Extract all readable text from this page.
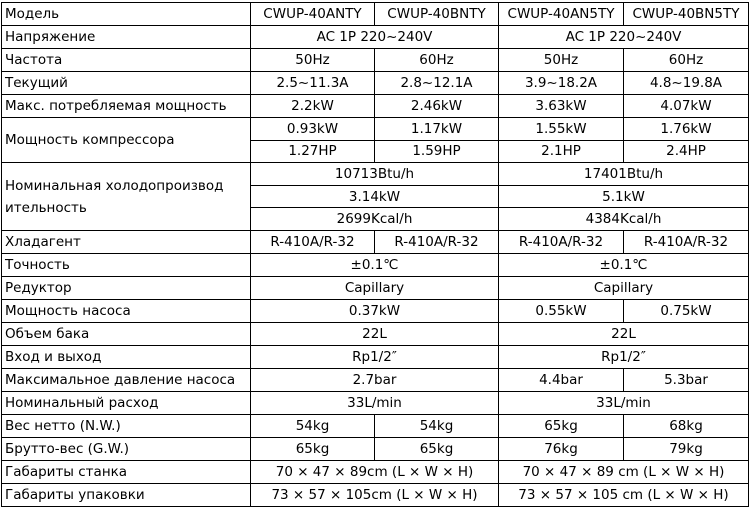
Модель	CWUP-40ANTY	CWUP-40BNTY	CWUP-40AN5TY	CWUP-40BN5TY
Напряжение	AC 1P 220~240V		AC 1P 220~240V	
Частота	50Hz	60Hz	50Hz	60Hz
Текущий	2.5~11.3A	2.8~12.1A	3.9~18.2A	4.8~19.8A
Макс. потребляемая мощность	2.2kW	2.46kW	3.63kW	4.07kW
Мощность компрессора	0.93kW	1.17kW	1.55kW	1.76kW
	1.27HP	1.59HP	2.1HP	2.4HP
Номинальная холодопроизвод ительность	10713Btu/h		17401Btu/h	
	3.14kW		5.1kW	
	2699Kcal/h		4384Kcal/h	
Хладагент	R-410A/R-32	R-410A/R-32	R-410A/R-32	R-410A/R-32
Точность	±0.1℃		±0.1℃	
Редуктор	Capillary		Capillary	
Мощность насоса	0.37kW		0.55kW	0.75kW
Объем бака	22L		22L	
Вход и выход	Rp1/2″		Rp1/2″	
Максимальное давление насоса	2.7bar		4.4bar	5.3bar
Номинальный расход	33L/min		33L/min	
Вес нетто (N.W.)	54kg	54kg	65kg	68kg
Брутто-вес (G.W.)	65kg	65kg	76kg	79kg
Габариты станка	70 × 47 × 89cm (L × W × H)		70 × 47 × 89 cm (L × W × H)	
Габариты упаковки	73 × 57 × 105cm (L × W × H)		73 × 57 × 105 cm (L × W × H)	
